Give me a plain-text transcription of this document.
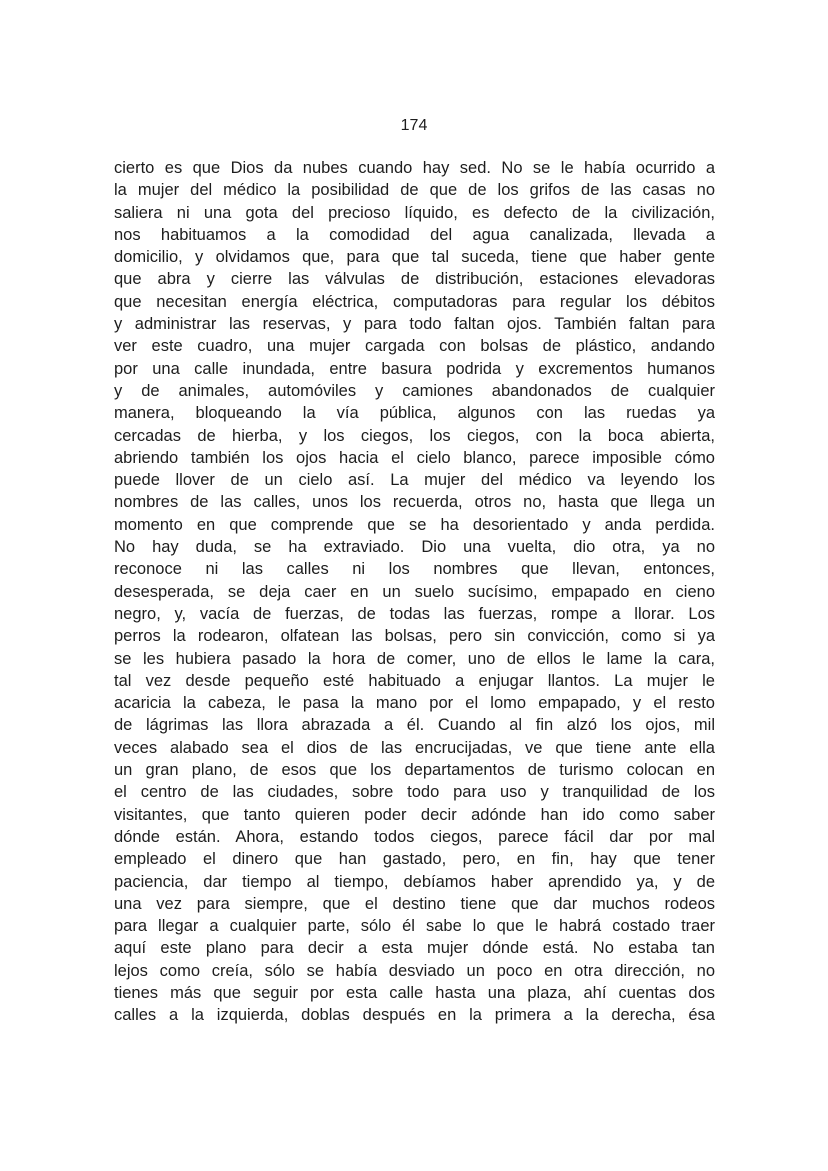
174
cierto es que Dios da nubes cuando hay sed. No se le había ocurrido a
la mujer del médico la posibilidad de que de los grifos de las casas no
saliera ni una gota del precioso líquido, es defecto de la civilización,
nos habituamos a la comodidad del agua canalizada, llevada a
domicilio, y olvidamos que, para que tal suceda, tiene que haber gente
que abra y cierre las válvulas de distribución, estaciones elevadoras
que necesitan energía eléctrica, computadoras para regular los débitos
y administrar las reservas, y para todo faltan ojos. También faltan para
ver este cuadro, una mujer cargada con bolsas de plástico, andando
por una calle inundada, entre basura podrida y excrementos humanos
y de animales, automóviles y camiones abandonados de cualquier
manera, bloqueando la vía pública, algunos con las ruedas ya
cercadas de hierba, y los ciegos, los ciegos, con la boca abierta,
abriendo también los ojos hacia el cielo blanco, parece imposible cómo
puede llover de un cielo así. La mujer del médico va leyendo los
nombres de las calles, unos los recuerda, otros no, hasta que llega un
momento en que comprende que se ha desorientado y anda perdida.
No hay duda, se ha extraviado. Dio una vuelta, dio otra, ya no
reconoce ni las calles ni los nombres que llevan, entonces,
desesperada, se deja caer en un suelo sucísimo, empapado en cieno
negro, y, vacía de fuerzas, de todas las fuerzas, rompe a llorar. Los
perros la rodearon, olfatean las bolsas, pero sin convicción, como si ya
se les hubiera pasado la hora de comer, uno de ellos le lame la cara,
tal vez desde pequeño esté habituado a enjugar llantos. La mujer le
acaricia la cabeza, le pasa la mano por el lomo empapado, y el resto
de lágrimas las llora abrazada a él. Cuando al fin alzó los ojos, mil
veces alabado sea el dios de las encrucijadas, ve que tiene ante ella
un gran plano, de esos que los departamentos de turismo colocan en
el centro de las ciudades, sobre todo para uso y tranquilidad de los
visitantes, que tanto quieren poder decir adónde han ido como saber
dónde están. Ahora, estando todos ciegos, parece fácil dar por mal
empleado el dinero que han gastado, pero, en fin, hay que tener
paciencia, dar tiempo al tiempo, debíamos haber aprendido ya, y de
una vez para siempre, que el destino tiene que dar muchos rodeos
para llegar a cualquier parte, sólo él sabe lo que le habrá costado traer
aquí este plano para decir a esta mujer dónde está. No estaba tan
lejos como creía, sólo se había desviado un poco en otra dirección, no
tienes más que seguir por esta calle hasta una plaza, ahí cuentas dos
calles a la izquierda, doblas después en la primera a la derecha, ésa
